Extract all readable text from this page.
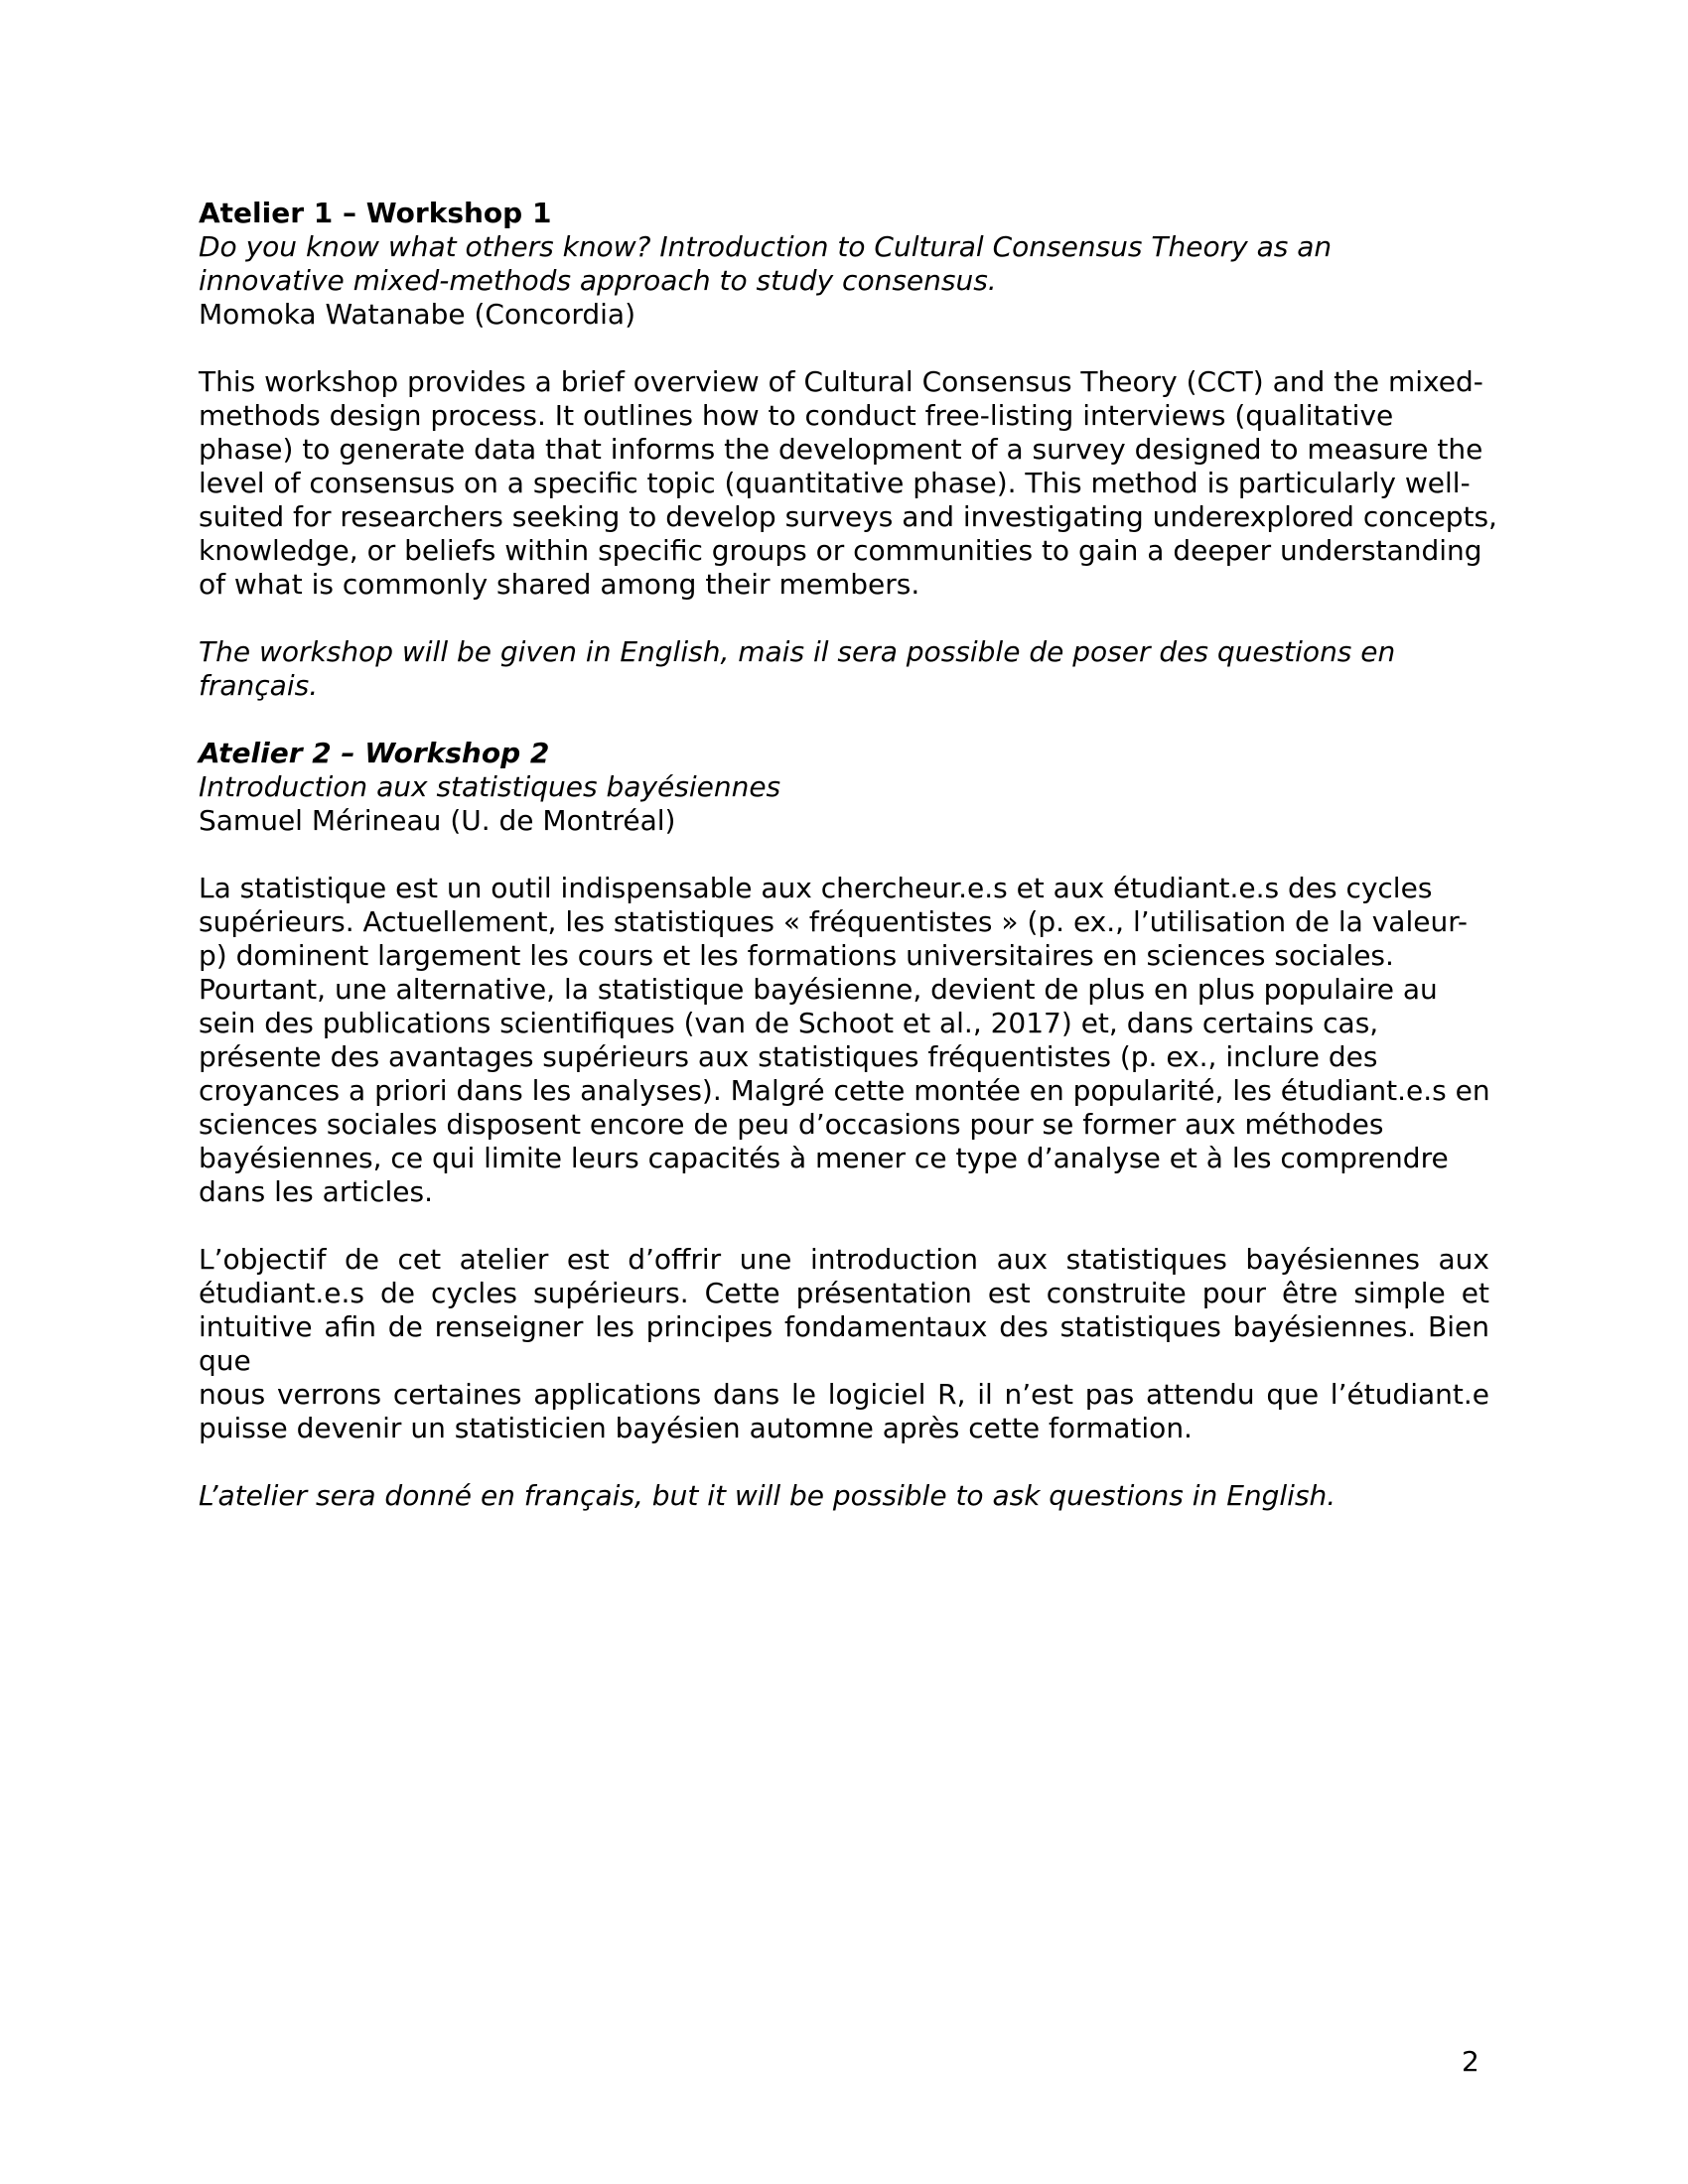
Atelier 1 – Workshop 1

Do you know what others know? Introduction to Cultural Consensus Theory as an

innovative mixed-methods approach to study consensus.

Momoka Watanabe (Concordia)

This workshop provides a brief overview of Cultural Consensus Theory (CCT) and the mixed-

methods design process. It outlines how to conduct free-listing interviews (qualitative

phase) to generate data that informs the development of a survey designed to measure the

level of consensus on a specific topic (quantitative phase). This method is particularly well-

suited for researchers seeking to develop surveys and investigating underexplored concepts,

knowledge, or beliefs within specific groups or communities to gain a deeper understanding

of what is commonly shared among their members.

The workshop will be given in English, mais il sera possible de poser des questions en

français.

Atelier 2 – Workshop 2

Introduction aux statistiques bayésiennes

Samuel Mérineau (U. de Montréal)

La statistique est un outil indispensable aux chercheur.e.s et aux étudiant.e.s des cycles

supérieurs. Actuellement, les statistiques « fréquentistes » (p. ex., l’utilisation de la valeur-

p) dominent largement les cours et les formations universitaires en sciences sociales.

Pourtant, une alternative, la statistique bayésienne, devient de plus en plus populaire au

sein des publications scientifiques (van de Schoot et al., 2017) et, dans certains cas,

présente des avantages supérieurs aux statistiques fréquentistes (p. ex., inclure des

croyances a priori dans les analyses). Malgré cette montée en popularité, les étudiant.e.s en

sciences sociales disposent encore de peu d’occasions pour se former aux méthodes

bayésiennes, ce qui limite leurs capacités à mener ce type d’analyse et à les comprendre

dans les articles.

L’objectif de cet atelier est d’offrir une introduction aux statistiques bayésiennes aux

étudiant.e.s de cycles supérieurs. Cette présentation est construite pour être simple et

intuitive afin de renseigner les principes fondamentaux des statistiques bayésiennes. Bien que

nous verrons certaines applications dans le logiciel R, il n’est pas attendu que l’étudiant.e

puisse devenir un statisticien bayésien automne après cette formation.

L’atelier sera donné en français, but it will be possible to ask questions in English.

2
